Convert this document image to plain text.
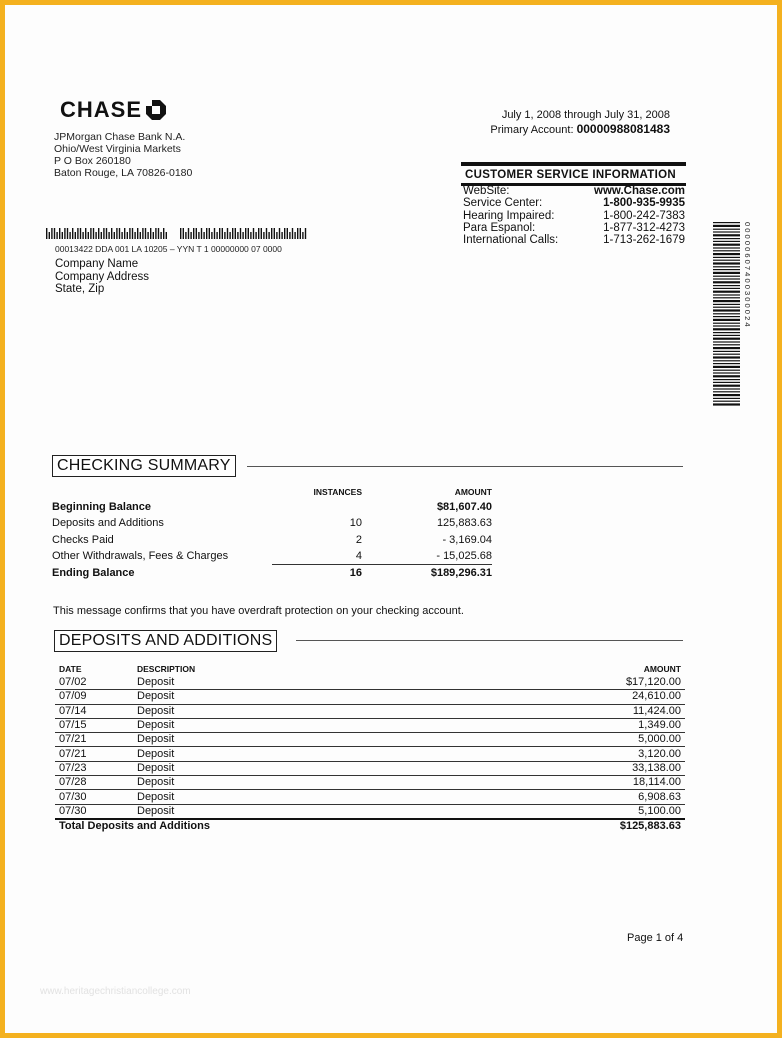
CHASE
JPMorgan Chase Bank N.A.
Ohio/West Virginia Markets
P O Box 260180
Baton Rouge, LA 70826-0180
July 1, 2008 through July 31, 2008
Primary Account: 00000988081483
CUSTOMER SERVICE INFORMATION
WebSite:	www.Chase.com
Service Center:	1-800-935-9935
Hearing Impaired:	1-800-242-7383
Para Espanol:	1-877-312-4273
International Calls:	1-713-262-1679
00013422 DDA 001 LA 10205 – YYN T 1 00000000 07 0000
Company Name
Company Address
State, Zip	00000607400300024
CHECKING SUMMARY
	INSTANCES	AMOUNT
Beginning Balance		$81,607.40
Deposits and Additions	10	125,883.63
Checks Paid	2	- 3,169.04
Other Withdrawals, Fees & Charges	4	- 15,025.68
Ending Balance	16	$189,296.31
This message confirms that you have overdraft protection on your checking account.
DEPOSITS AND ADDITIONS
DATE	DESCRIPTION	AMOUNT
07/02	Deposit	$17,120.00
07/09	Deposit	24,610.00
07/14	Deposit	11,424.00
07/15	Deposit	1,349.00
07/21	Deposit	5,000.00
07/21	Deposit	3,120.00
07/23	Deposit	33,138.00
07/28	Deposit	18,114.00
07/30	Deposit	6,908.63
07/30	Deposit	5,100.00
Total Deposits and Additions		$125,883.63
Page 1 of 4
www.heritagechristiancollege.com
